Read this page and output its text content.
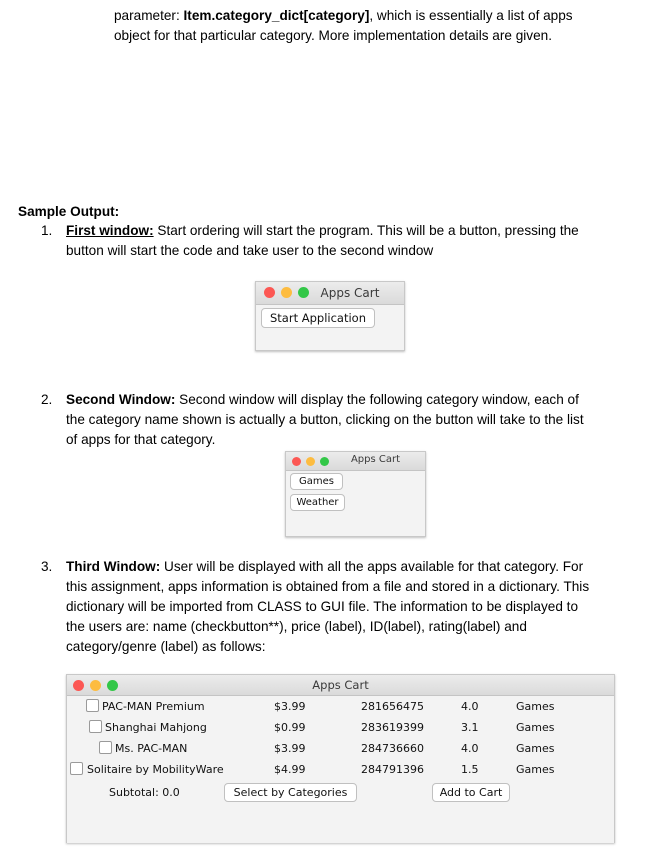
parameter: Item.category_dict[category], which is essentially a list of apps
object for that particular category. More implementation details are given.
Sample Output:
1. First window: Start ordering will start the program. This will be a button, pressing the
button will start the code and take user to the second window
Apps Cart
Start Application
2. Second Window: Second window will display the following category window, each of
the category name shown is actually a button, clicking on the button will take to the list
of apps for that category.
Apps Cart
Games
Weather
3. Third Window: User will be displayed with all the apps available for that category. For
this assignment, apps information is obtained from a file and stored in a dictionary. This
dictionary will be imported from CLASS to GUI file. The information to be displayed to
the users are: name (checkbutton**), price (label), ID(label), rating(label) and
category/genre (label) as follows:
Apps Cart
PAC-MAN Premium	$3.99	281656475	4.0	Games
Shanghai Mahjong	$0.99	283619399	3.1	Games
Ms. PAC-MAN	$3.99	284736660	4.0	Games
Solitaire by MobilityWare	$4.99	284791396	1.5	Games
Subtotal: 0.0	Select by Categories	Add to Cart
